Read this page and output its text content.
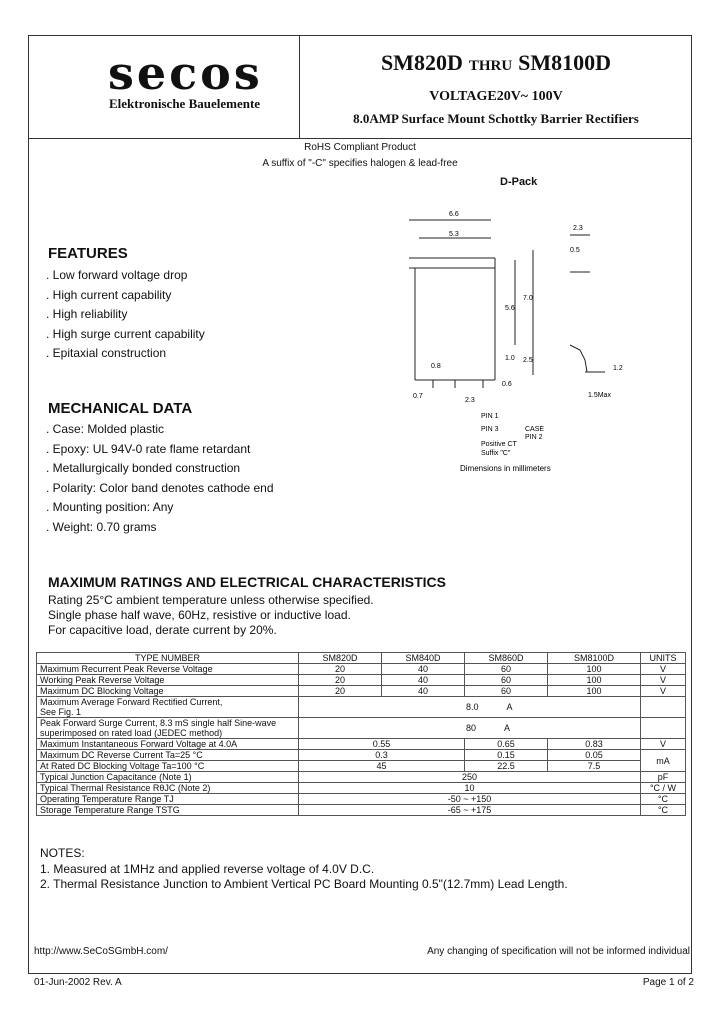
secos
Elektronische Bauelemente
SM820D THRU SM8100D
VOLTAGE20V~ 100V
8.0AMP Surface Mount Schottky Barrier Rectifiers
RoHS Compliant Product
A suffix of "-C" specifies halogen & lead-free
D-Pack
6.6
5.3
2.3
0.5
7.0
5.6
1.0 2.5
0.8
0.6
0.7
2.3
1.2
1.5Max
PIN 1
CASE
PIN 3
PIN 2
Positive CT
Suffix "C"
Dimensions in millimeters
FEATURES
. Low forward voltage drop
. High current capability
. High reliability
. High surge current capability
. Epitaxial construction
MECHANICAL DATA
. Case: Molded plastic
. Epoxy: UL 94V-0 rate flame retardant
. Metallurgically bonded construction
. Polarity: Color band denotes cathode end
. Mounting position: Any
. Weight: 0.70 grams
MAXIMUM RATINGS AND ELECTRICAL CHARACTERISTICS
Rating 25°C ambient temperature unless otherwise specified.
Single phase half wave, 60Hz, resistive or inductive load.
For capacitive load, derate current by 20%.
TYPE NUMBER	SM820D	SM840D	SM860D	SM8100D	UNITS
Maximum Recurrent Peak Reverse Voltage	20	40	60	100	V
Working Peak Reverse Voltage	20	40	60	100	V
Maximum DC Blocking Voltage	20	40	60	100	V
Maximum Average Forward Rectified Current,
See Fig. 1	8.0 A				
Peak Forward Surge Current, 8.3 mS single half Sine-wave
superimposed on rated load (JEDEC method)	80 A				
Maximum Instantaneous Forward Voltage at 4.0A	0.55		0.65	0.83	V
Maximum DC Reverse Current Ta=25 °C	0.3		0.15	0.05	mA
At Rated DC Blocking Voltage Ta=100 °C	45		22.5	7.5	
Typical Junction Capacitance (Note 1)	250				pF
Typical Thermal Resistance RθJC (Note 2)	10				°C / W
Operating Temperature Range TJ	-50 ~ +150				°C
Storage Temperature Range TSTG	-65 ~ +175				°C
NOTES:
1. Measured at 1MHz and applied reverse voltage of 4.0V D.C.
2. Thermal Resistance Junction to Ambient Vertical PC Board Mounting 0.5"(12.7mm) Lead Length.
http://www.SeCoSGmbH.com/	Any changing of specification will not be informed individual
01-Jun-2002 Rev. A	Page 1 of 2
